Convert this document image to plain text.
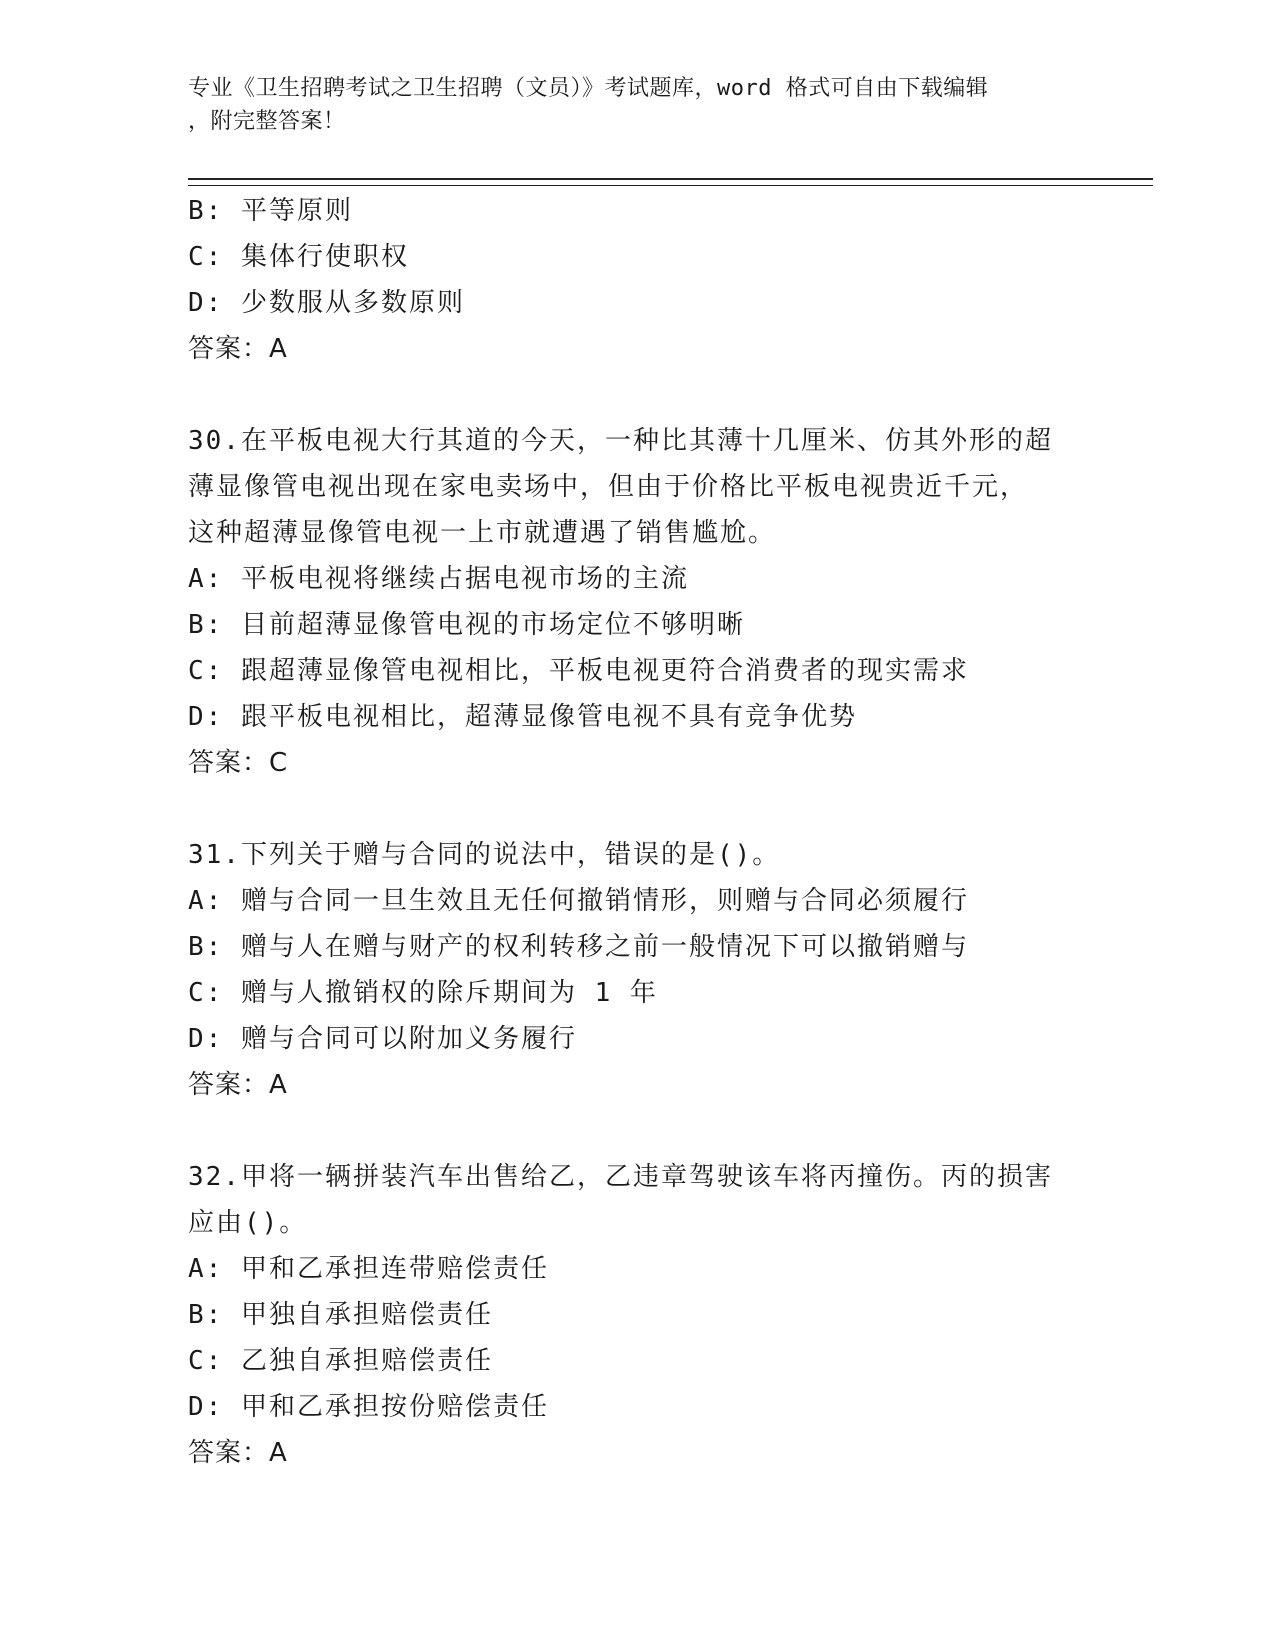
专业《卫生招聘考试之卫生招聘（文员）》考试题库，word 格式可自由下载编辑
，附完整答案！
B: 平等原则
C: 集体行使职权
D: 少数服从多数原则
答案：A
30.在平板电视大行其道的今天，一种比其薄十几厘米、仿其外形的超
薄显像管电视出现在家电卖场中，但由于价格比平板电视贵近千元，
这种超薄显像管电视一上市就遭遇了销售尴尬。
A: 平板电视将继续占据电视市场的主流
B: 目前超薄显像管电视的市场定位不够明晰
C: 跟超薄显像管电视相比，平板电视更符合消费者的现实需求
D: 跟平板电视相比，超薄显像管电视不具有竞争优势
答案：C
31.下列关于赠与合同的说法中，错误的是()。
A: 赠与合同一旦生效且无任何撤销情形，则赠与合同必须履行
B: 赠与人在赠与财产的权利转移之前一般情况下可以撤销赠与
C: 赠与人撤销权的除斥期间为 1 年
D: 赠与合同可以附加义务履行
答案：A
32.甲将一辆拼装汽车出售给乙，乙违章驾驶该车将丙撞伤。丙的损害
应由()。
A: 甲和乙承担连带赔偿责任
B: 甲独自承担赔偿责任
C: 乙独自承担赔偿责任
D: 甲和乙承担按份赔偿责任
答案：A
